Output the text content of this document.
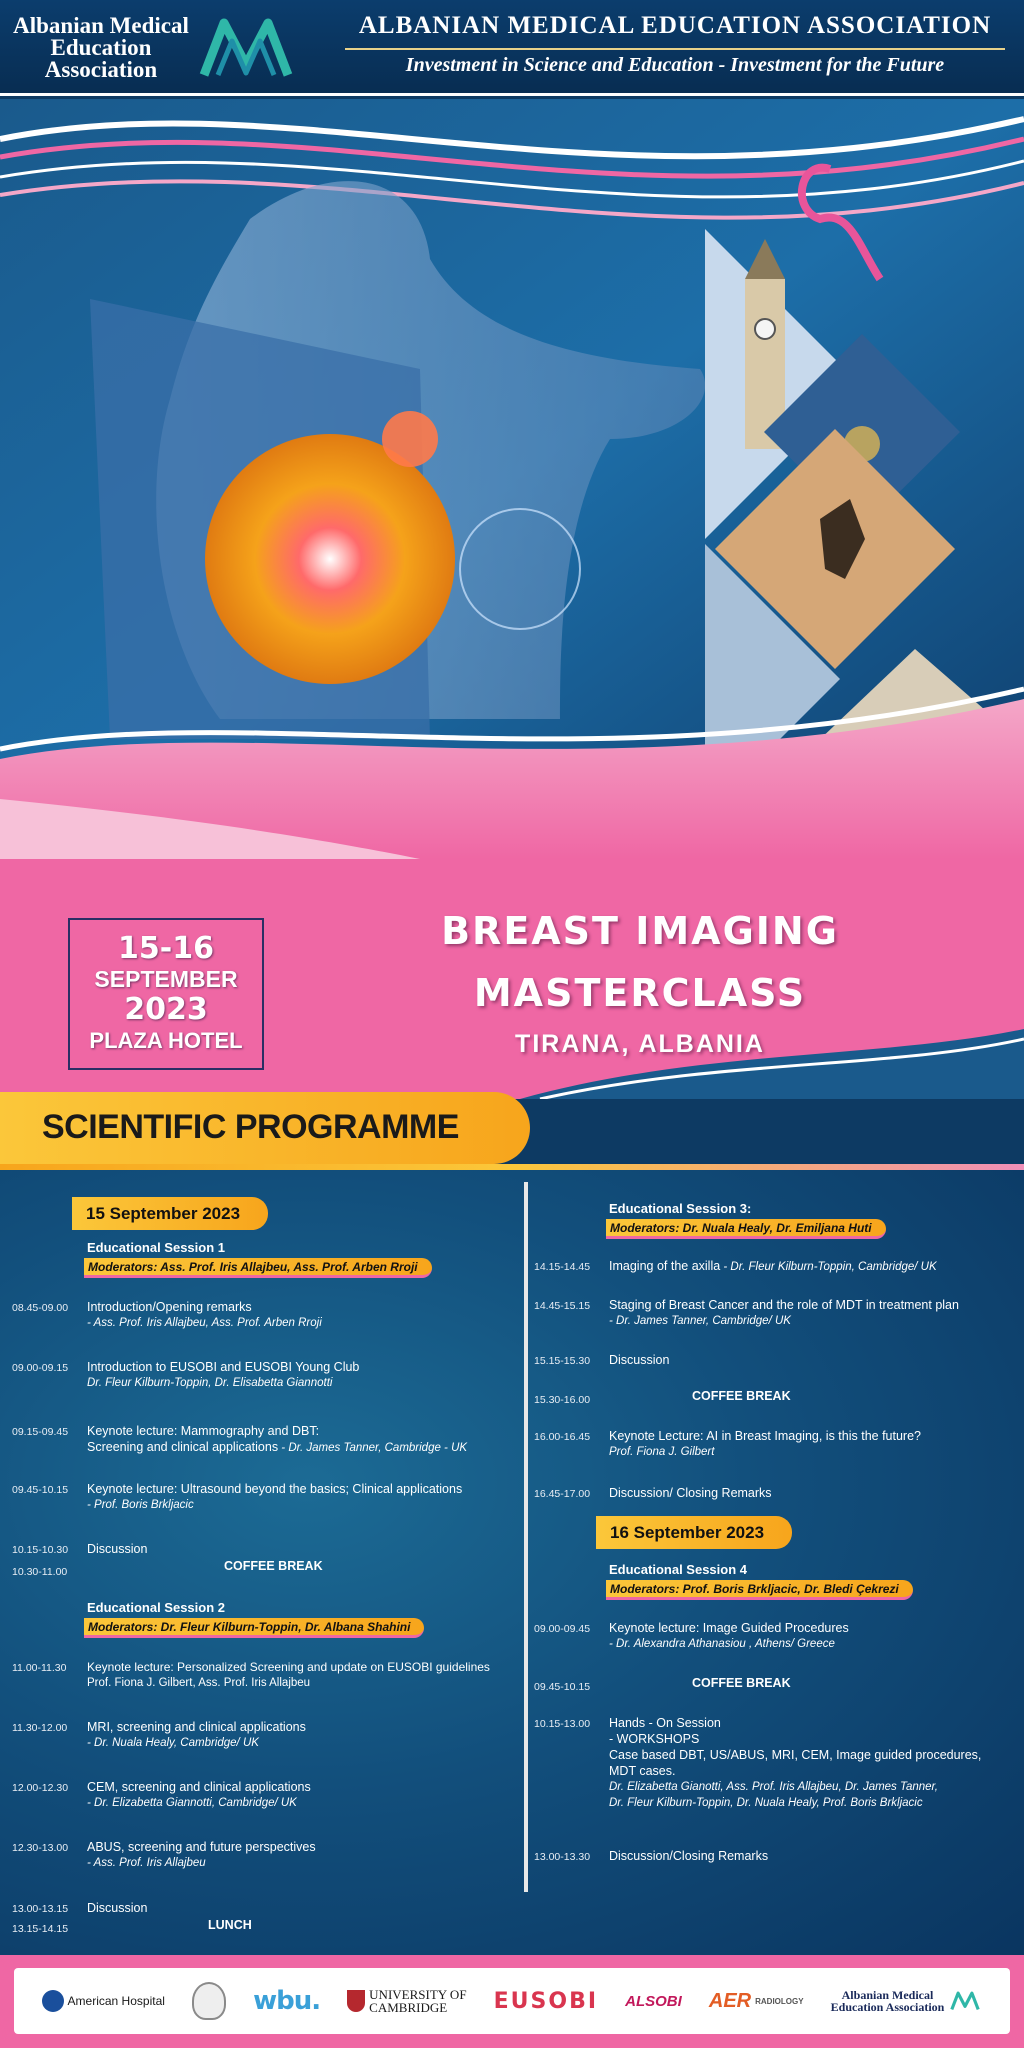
Albanian Medical Education Association
ALBANIAN MEDICAL EDUCATION ASSOCIATION
Investment in Science and Education - Investment for the Future
15-16
SEPTEMBER
2023
PLAZA HOTEL
BREAST IMAGING
MASTERCLASS
TIRANA, ALBANIA
SCIENTIFIC PROGRAMME
15 September 2023
Educational Session 1
Moderators: Ass. Prof. Iris Allajbeu, Ass. Prof. Arben Rroji
08.45-09.00	Introduction/Opening remarks
- Ass. Prof. Iris Allajbeu, Ass. Prof. Arben Rroji
09.00-09.15	Introduction to EUSOBI and EUSOBI Young Club
Dr. Fleur Kilburn-Toppin, Dr. Elisabetta Giannotti
09.15-09.45	Keynote lecture: Mammography and DBT:
Screening and clinical applications - Dr. James Tanner, Cambridge - UK
09.45-10.15	Keynote lecture: Ultrasound beyond the basics; Clinical applications
- Prof. Boris Brkljacic
10.15-10.30	Discussion
10.30-11.00	COFFEE BREAK
Educational Session 2
Moderators: Dr. Fleur Kilburn-Toppin, Dr. Albana Shahini
11.00-11.30	Keynote lecture: Personalized Screening and update on EUSOBI guidelines
Prof. Fiona J. Gilbert, Ass. Prof. Iris Allajbeu
11.30-12.00	MRI, screening and clinical applications
- Dr. Nuala Healy, Cambridge/ UK
12.00-12.30	CEM, screening and clinical applications
- Dr. Elizabetta Giannotti, Cambridge/ UK
12.30-13.00	ABUS, screening and future perspectives
- Ass. Prof. Iris Allajbeu
13.00-13.15	Discussion
13.15-14.15	LUNCH
Educational Session 3:
Moderators: Dr. Nuala Healy, Dr. Emiljana Huti
14.15-14.45	Imaging of the axilla - Dr. Fleur Kilburn-Toppin, Cambridge/ UK
14.45-15.15	Staging of Breast Cancer and the role of MDT in treatment plan
- Dr. James Tanner, Cambridge/ UK
15.15-15.30	Discussion
15.30-16.00	COFFEE BREAK
16.00-16.45	Keynote Lecture: AI in Breast Imaging, is this the future?
Prof. Fiona J. Gilbert
16.45-17.00	Discussion/ Closing Remarks
16 September 2023
Educational Session 4
Moderators: Prof. Boris Brkljacic, Dr. Bledi Çekrezi
09.00-09.45	Keynote lecture: Image Guided Procedures
- Dr. Alexandra Athanasiou , Athens/ Greece
09.45-10.15	COFFEE BREAK
10.15-13.00	Hands - On Session
- WORKSHOPS
Case based DBT, US/ABUS, MRI, CEM, Image guided procedures,
MDT cases.
Dr. Elizabetta Gianotti, Ass. Prof. Iris Allajbeu, Dr. James Tanner,
Dr. Fleur Kilburn-Toppin, Dr. Nuala Healy, Prof. Boris Brkljacic
13.00-13.30	Discussion/Closing Remarks
American Hospital	wbu.	UNIVERSITY OF
CAMBRIDGE	EUSOBI ALSOBI AER RADIOLOGY	Albanian Medical
Education Association
